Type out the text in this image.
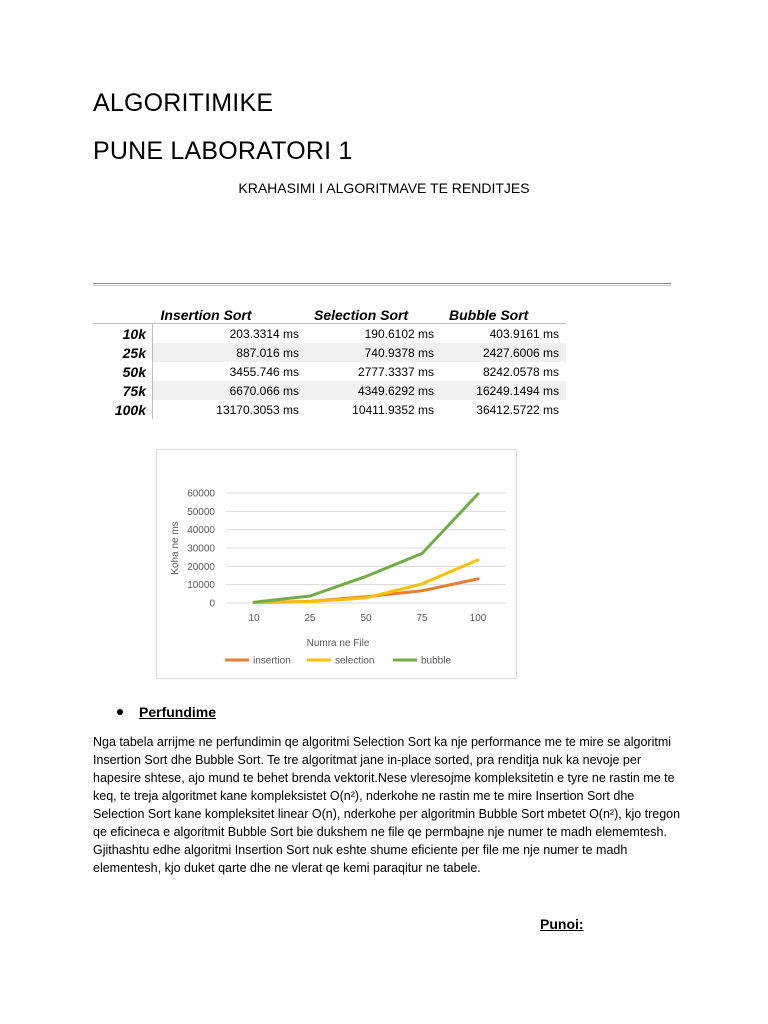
ALGORITIMIKE
PUNE LABORATORI 1

KRAHASIMI I ALGORITMAVE TE RENDITJES

	Insertion Sort	Selection Sort	Bubble Sort
10k	203.3314 ms	190.6102 ms	403.9161 ms
25k	887.016 ms	740.9378 ms	2427.6006 ms
50k	3455.746 ms	2777.3337 ms	8242.0578 ms
75k	6670.066 ms	4349.6292 ms	16249.1494 ms
100k	13170.3053 ms	10411.9352 ms	36412.5722 ms
0
10000
20000
30000
40000
50000
60000
10	25	50	75	100
Numra ne File
Koha ne ms
insertion	selection	bubble
Perfundime

Nga tabela arrijme ne perfundimin qe algoritmi Selection Sort ka nje performance me te mire se algoritmi Insertion Sort dhe Bubble Sort. Te tre algoritmat jane in-place sorted, pra renditja nuk ka nevoje per hapesire shtese, ajo mund te behet brenda vektorit.Nese vleresojme kompleksitetin e tyre ne rastin me te keq, te treja algoritmet kane kompleksistet O(n²), nderkohe ne rastin me te mire Insertion Sort dhe Selection Sort kane kompleksitet linear O(n), nderkohe per algoritmin Bubble Sort mbetet O(n²), kjo tregon qe eficineca e algoritmit Bubble Sort bie dukshem ne file qe permbajne nje numer te madh elememtesh. Gjithashtu edhe algoritmi Insertion Sort nuk eshte shume eficiente per file me nje numer te madh elementesh, kjo duket qarte dhe ne vlerat qe kemi paraqitur ne tabele.

Punoi:
